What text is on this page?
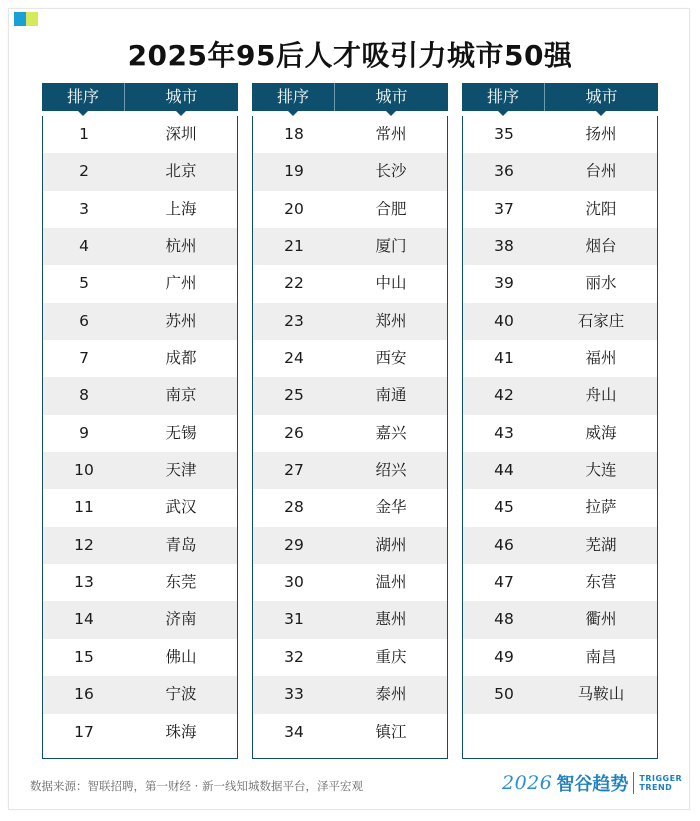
2025年95后人才吸引力城市50强
排序	城市
1	深圳
2	北京
3	上海
4	杭州
5	广州
6	苏州
7	成都
8	南京
9	无锡
10	天津
11	武汉
12	青岛
13	东莞
14	济南
15	佛山
16	宁波
17	珠海
排序	城市
18	常州
19	长沙
20	合肥
21	厦门
22	中山
23	郑州
24	西安
25	南通
26	嘉兴
27	绍兴
28	金华
29	湖州
30	温州
31	惠州
32	重庆
33	泰州
34	镇江
排序	城市
35	扬州
36	台州
37	沈阳
38	烟台
39	丽水
40	石家庄
41	福州
42	舟山
43	威海
44	大连
45	拉萨
46	芜湖
47	东营
48	衢州
49	南昌
50	马鞍山
数据来源：智联招聘，第一财经 · 新一线知城数据平台，泽平宏观	2026 智谷趋势 TRIGGER
TREND
